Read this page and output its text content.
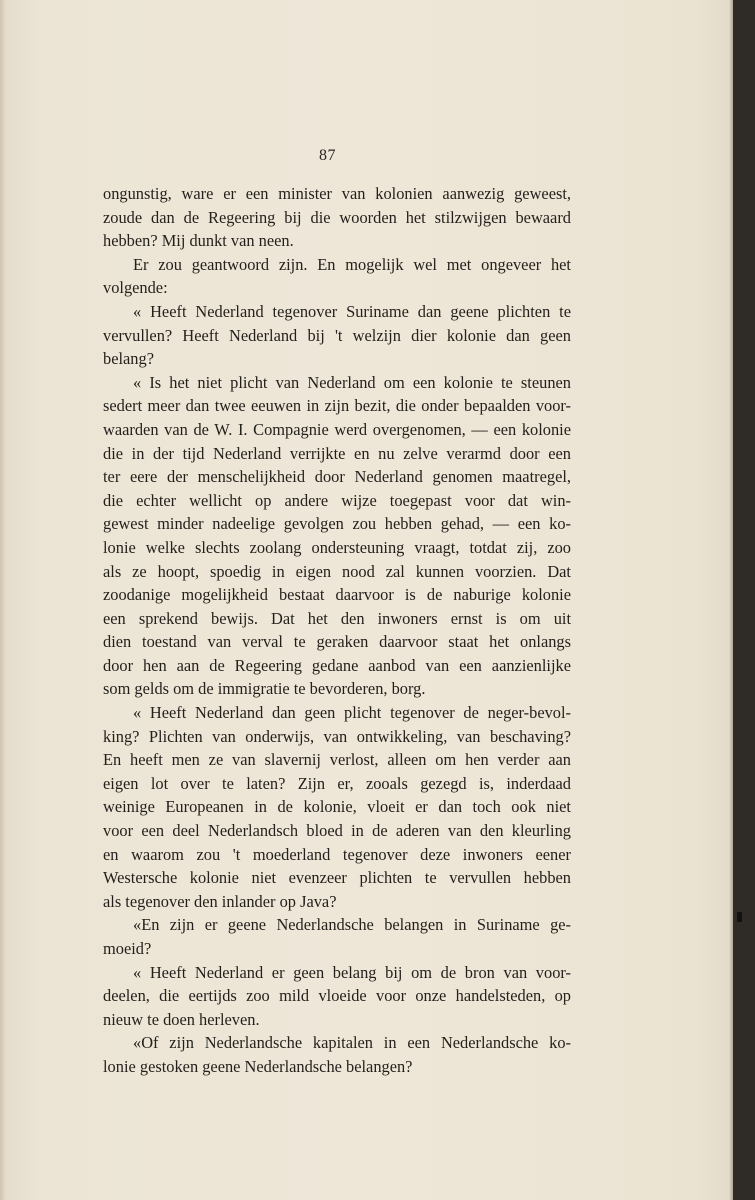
87
ongunstig, ware er een minister van kolonien aanwezig geweest,
zoude dan de Regeering bij die woorden het stilzwijgen bewaard
hebben? Mij dunkt van neen.
Er zou geantwoord zijn. En mogelijk wel met ongeveer het
volgende:
« Heeft Nederland tegenover Suriname dan geene plichten te
vervullen? Heeft Nederland bij 't welzijn dier kolonie dan geen
belang?
« Is het niet plicht van Nederland om een kolonie te steunen
sedert meer dan twee eeuwen in zijn bezit, die onder bepaalden voor-
waarden van de W. I. Compagnie werd overgenomen, — een kolonie
die in der tijd Nederland verrijkte en nu zelve verarmd door een
ter eere der menschelijkheid door Nederland genomen maatregel,
die echter wellicht op andere wijze toegepast voor dat win-
gewest minder nadeelige gevolgen zou hebben gehad, — een ko-
lonie welke slechts zoolang ondersteuning vraagt, totdat zij, zoo
als ze hoopt, spoedig in eigen nood zal kunnen voorzien. Dat
zoodanige mogelijkheid bestaat daarvoor is de naburige kolonie
een sprekend bewijs. Dat het den inwoners ernst is om uit
dien toestand van verval te geraken daarvoor staat het onlangs
door hen aan de Regeering gedane aanbod van een aanzienlijke
som gelds om de immigratie te bevorderen, borg.
« Heeft Nederland dan geen plicht tegenover de neger-bevol-
king? Plichten van onderwijs, van ontwikkeling, van beschaving?
En heeft men ze van slavernij verlost, alleen om hen verder aan
eigen lot over te laten? Zijn er, zooals gezegd is, inderdaad
weinige Europeanen in de kolonie, vloeit er dan toch ook niet
voor een deel Nederlandsch bloed in de aderen van den kleurling
en waarom zou 't moederland tegenover deze inwoners eener
Westersche kolonie niet evenzeer plichten te vervullen hebben
als tegenover den inlander op Java?
«En zijn er geene Nederlandsche belangen in Suriname ge-
moeid?
« Heeft Nederland er geen belang bij om de bron van voor-
deelen, die eertijds zoo mild vloeide voor onze handelsteden, op
nieuw te doen herleven.
«Of zijn Nederlandsche kapitalen in een Nederlandsche ko-
lonie gestoken geene Nederlandsche belangen?
